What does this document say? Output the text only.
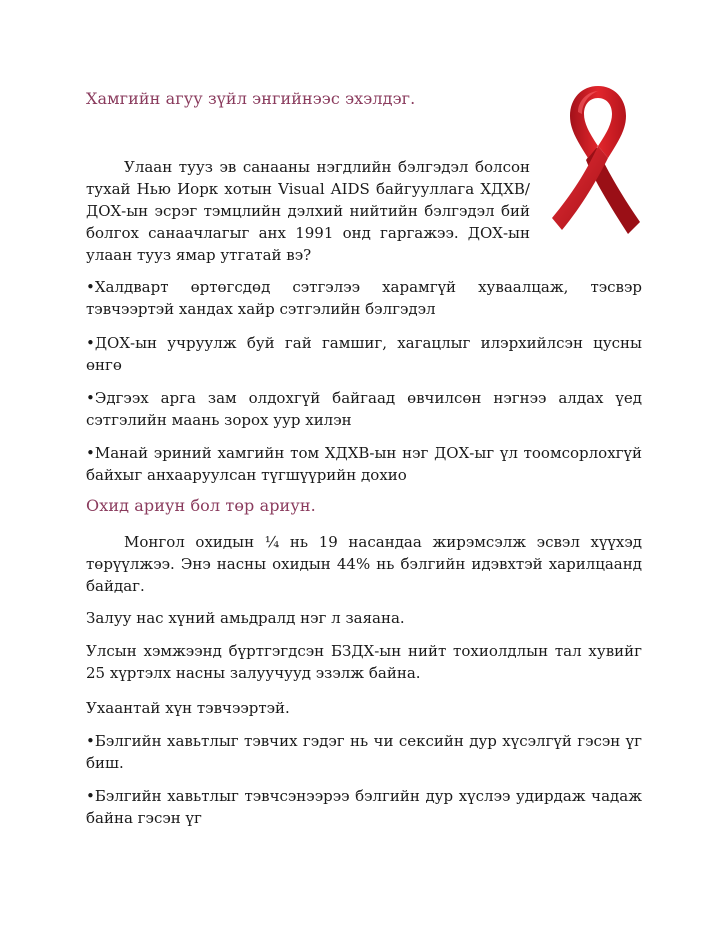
Хамгийн агуу зүйл энгийнээс эхэлдэг.

Улаан тууз эв санааны нэгдлийн бэлгэдэл болсон тухай Нью Иорк хотын Visual AIDS байгууллага ХДХВ/ДОХ-ын эсрэг тэмцлийн дэлхий нийтийн бэлгэдэл бий болгох санаачлагыг анх 1991 онд гаргажээ. ДОХ-ын улаан тууз ямар утгатай вэ?

•Халдварт өртөгсдөд сэтгэлээ харамгүй хуваалцаж, тэсвэр тэвчээртэй хандах хайр сэтгэлийн бэлгэдэл

•ДОХ-ын учруулж буй гай гамшиг, хагацлыг илэрхийлсэн цусны өнгө

•Эдгээх арга зам олдохгүй байгаад өвчилсөн нэгнээ алдах үед сэтгэлийн маань зорох уур хилэн

•Манай эриний хамгийн том ХДХВ-ын нэг ДОХ-ыг үл тоомсорлохгүй байхыг анхааруулсан түгшүүрийн дохио

Охид ариун бол төр ариун.

Монгол охидын ¼ нь 19 насандаа жирэмсэлж эсвэл хүүхэд төрүүлжээ. Энэ насны охидын 44% нь бэлгийн идэвхтэй харилцаанд байдаг.

Залуу нас хүний амьдралд нэг л заяана.

Улсын хэмжээнд бүртгэгдсэн БЗДХ-ын нийт тохиолдлын тал хувийг 25 хүртэлх насны залуучууд эзэлж байна.

Ухаантай хүн тэвчээртэй.

•Бэлгийн хавьтлыг тэвчих гэдэг нь чи сексийн дур хүсэлгүй гэсэн үг биш.

•Бэлгийн хавьтлыг тэвчсэнээрээ бэлгийн дур хүслээ удирдаж чадаж байна гэсэн үг
